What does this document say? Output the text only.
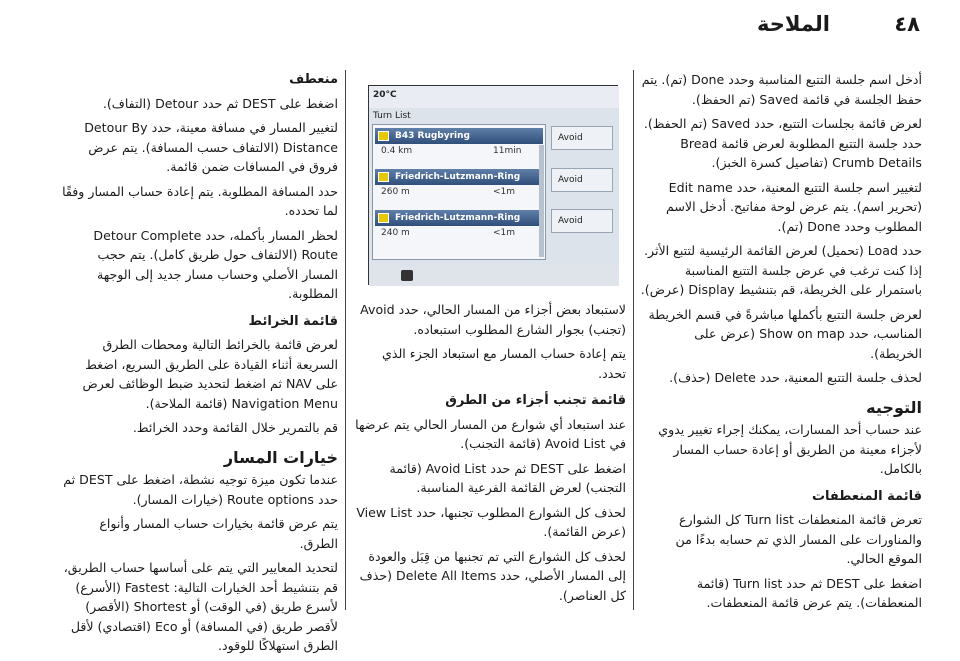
الملاحة	٤٨

أدخل اسم جلسة التتبع المناسبة وحدد Done (تم). يتم حفظ الجلسة في قائمة Saved (تم الحفظ).

لعرض قائمة بجلسات التتبع، حدد Saved (تم الحفظ). حدد جلسة التتبع المطلوبة لعرض قائمة Bread Crumb Details (تفاصيل كسرة الخبز).

لتغيير اسم جلسة التتبع المعنية، حدد Edit name (تحرير اسم). يتم عرض لوحة مفاتيح. أدخل الاسم المطلوب وحدد Done (تم).

حدد Load (تحميل) لعرض القائمة الرئيسية لتتبع الأثر. إذا كنت ترغب في عرض جلسة التتبع المناسبة باستمرار على الخريطة، قم بتنشيط Display (عرض).

لعرض جلسة التتبع بأكملها مباشرةً في قسم الخريطة المناسب، حدد Show on map (عرض على الخريطة).

لحذف جلسة التتبع المعنية، حدد Delete (حذف).

التوجيه

عند حساب أحد المسارات، يمكنك إجراء تغيير يدوي لأجزاء معينة من الطريق أو إعادة حساب المسار بالكامل.

قائمة المنعطفات

تعرض قائمة المنعطفات Turn list كل الشوارع والمناورات على المسار الذي تم حسابه بدءًا من الموقع الحالي.

اضغط على DEST ثم حدد Turn list (قائمة المنعطفات). يتم عرض قائمة المنعطفات.

20°C
Turn List
B43 Rugbyring
0.4 km	11min
Friedrich-Lutzmann-Ring
260 m	<1m
Friedrich-Lutzmann-Ring
240 m	<1m
Avoid
Avoid
Avoid

لاستبعاد بعض أجزاء من المسار الحالي، حدد Avoid (تجنب) بجوار الشارع المطلوب استبعاده.

يتم إعادة حساب المسار مع استبعاد الجزء الذي تحدد.

قائمة تجنب أجزاء من الطرق

عند استبعاد أي شوارع من المسار الحالي يتم عرضها في Avoid List (قائمة التجنب).

اضغط على DEST ثم حدد Avoid List (قائمة التجنب) لعرض القائمة الفرعية المناسبة.

لحذف كل الشوارع المطلوب تجنبها، حدد View List (عرض القائمة).

لحذف كل الشوارع التي تم تجنبها من قِبَل والعودة إلى المسار الأصلي، حدد Delete All Items (حذف كل العناصر).

منعطف

اضغط على DEST ثم حدد Detour (التفاف).

لتغيير المسار في مسافة معينة، حدد Detour By Distance (الالتفاف حسب المسافة). يتم عرض فروق في المسافات ضمن قائمة.

حدد المسافة المطلوبة. يتم إعادة حساب المسار وفقًا لما تحدده.

لحظر المسار بأكمله، حدد Detour Complete Route (الالتفاف حول طريق كامل). يتم حجب المسار الأصلي وحساب مسار جديد إلى الوجهة المطلوبة.

قائمة الخرائط

لعرض قائمة بالخرائط التالية ومحطات الطرق السريعة أثناء القيادة على الطريق السريع، اضغط على NAV ثم اضغط لتحديد ضبط الوظائف لعرض Navigation Menu (قائمة الملاحة).

قم بالتمرير خلال القائمة وحدد الخرائط.

خيارات المسار

عندما تكون ميزة توجيه نشطة، اضغط على DEST ثم حدد Route options (خيارات المسار).

يتم عرض قائمة بخيارات حساب المسار وأنواع الطرق.

لتحديد المعايير التي يتم على أساسها حساب الطريق، قم بتنشيط أحد الخيارات التالية: Fastest (الأسرع) لأسرع طريق (في الوقت) أو Shortest (الأقصر) لأقصر طريق (في المسافة) أو Eco (اقتصادي) لأقل الطرق استهلاكًا للوقود.
